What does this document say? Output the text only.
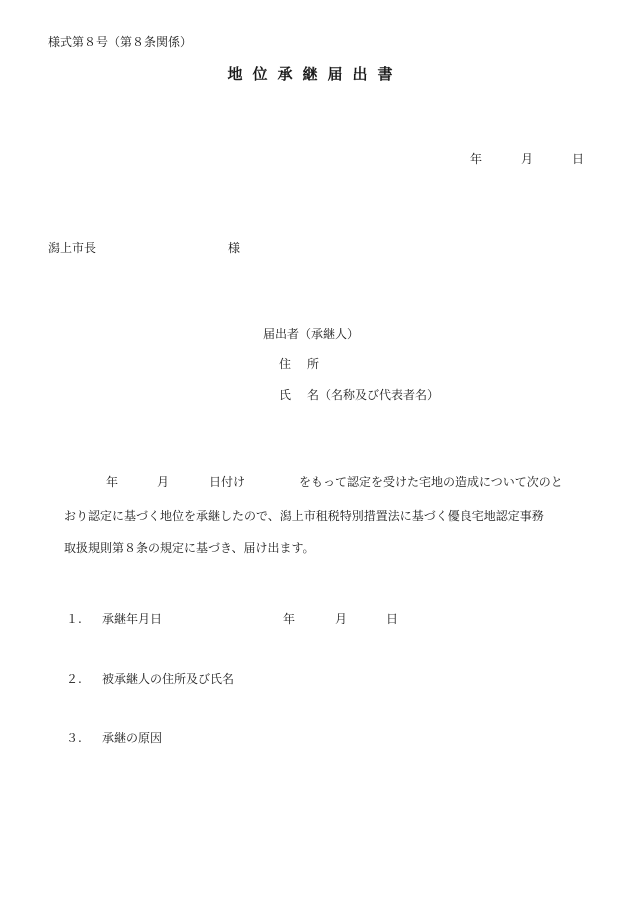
様式第８号（第８条関係）
地位承継届出書
年	月	日
潟上市長	様
届出者（承継人）
住所
氏 名（名称及び代表者名）
年	月	日付け	をもって認定を受けた宅地の造成について次のと
おり認定に基づく地位を承継したので、潟上市租税特別措置法に基づく優良宅地認定事務
取扱規則第８条の規定に基づき、届け出ます。
１. 承継年月日	年	月	日
２. 被承継人の住所及び氏名
３. 承継の原因
